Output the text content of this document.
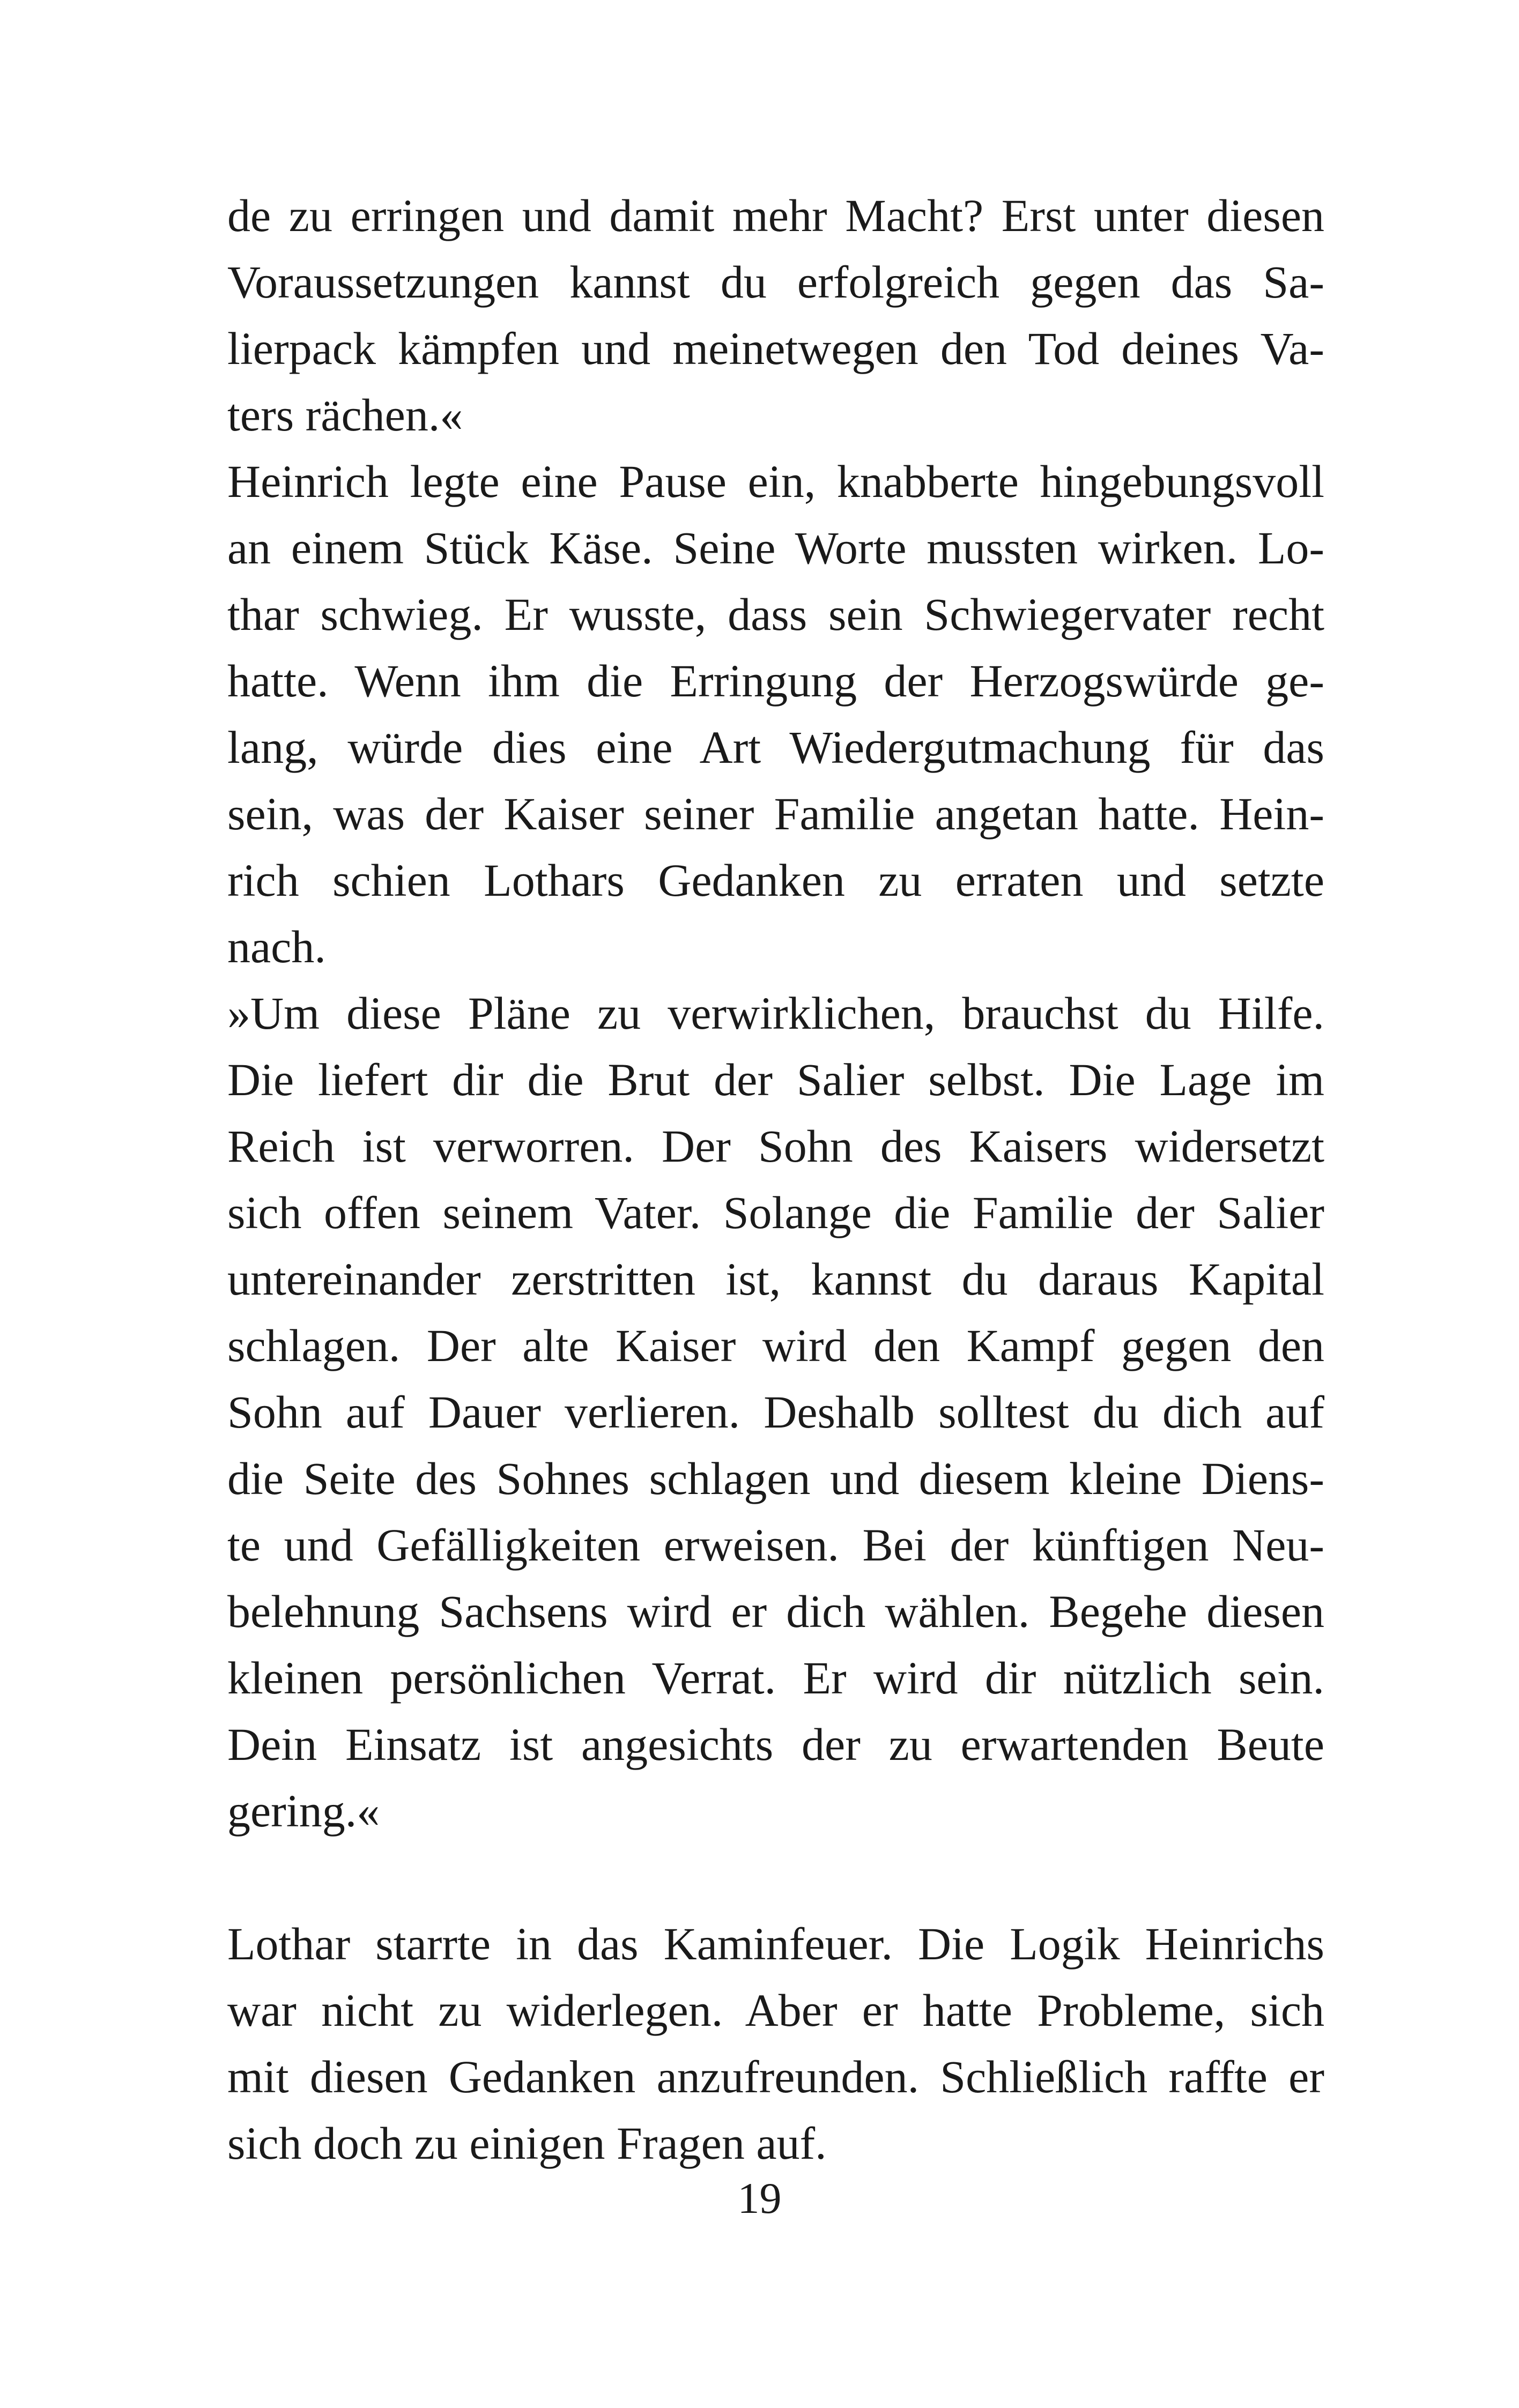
de zu erringen und damit mehr Macht? Erst unter diesen
Voraussetzungen kannst du erfolgreich gegen das Sa-
lierpack kämpfen und meinetwegen den Tod deines Va-
ters rächen.«
Heinrich legte eine Pause ein, knabberte hingebungsvoll
an einem Stück Käse. Seine Worte mussten wirken. Lo-
thar schwieg. Er wusste, dass sein Schwiegervater recht
hatte. Wenn ihm die Erringung der Herzogswürde ge-
lang, würde dies eine Art Wiedergutmachung für das
sein, was der Kaiser seiner Familie angetan hatte. Hein-
rich schien Lothars Gedanken zu erraten und setzte
nach.
»Um diese Pläne zu verwirklichen, brauchst du Hilfe.
Die liefert dir die Brut der Salier selbst. Die Lage im
Reich ist verworren. Der Sohn des Kaisers widersetzt
sich offen seinem Vater. Solange die Familie der Salier
untereinander zerstritten ist, kannst du daraus Kapital
schlagen. Der alte Kaiser wird den Kampf gegen den
Sohn auf Dauer verlieren. Deshalb solltest du dich auf
die Seite des Sohnes schlagen und diesem kleine Diens-
te und Gefälligkeiten erweisen. Bei der künftigen Neu-
belehnung Sachsens wird er dich wählen. Begehe diesen
kleinen persönlichen Verrat. Er wird dir nützlich sein.
Dein Einsatz ist angesichts der zu erwartenden Beute
gering.«
Lothar starrte in das Kaminfeuer. Die Logik Heinrichs
war nicht zu widerlegen. Aber er hatte Probleme, sich
mit diesen Gedanken anzufreunden. Schließlich raffte er
sich doch zu einigen Fragen auf.
19
